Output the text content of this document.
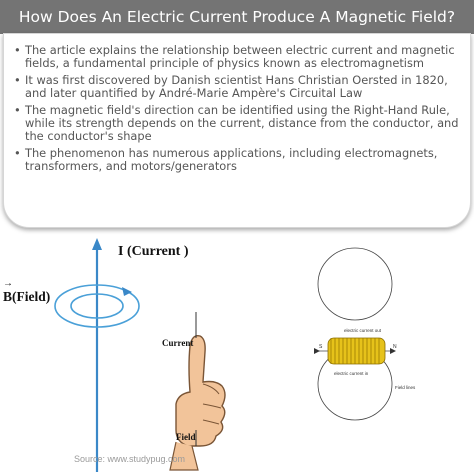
How Does An Electric Current Produce A Magnetic Field?
• The article explains the relationship between electric current and magnetic fields, a fundamental principle of physics known as electromagnetism
• It was first discovered by Danish scientist Hans Christian Oersted in 1820, and later quantified by André-Marie Ampère's Circuital Law
• The magnetic field's direction can be identified using the Right-Hand Rule, while its strength depends on the current, distance from the conductor, and the conductor's shape
• The phenomenon has numerous applications, including electromagnets, transformers, and motors/generators
I (Current )
→
B(Field)
Current
Field
Source: www.studypug.com
electric current out
electric current in
Field lines
S	N
